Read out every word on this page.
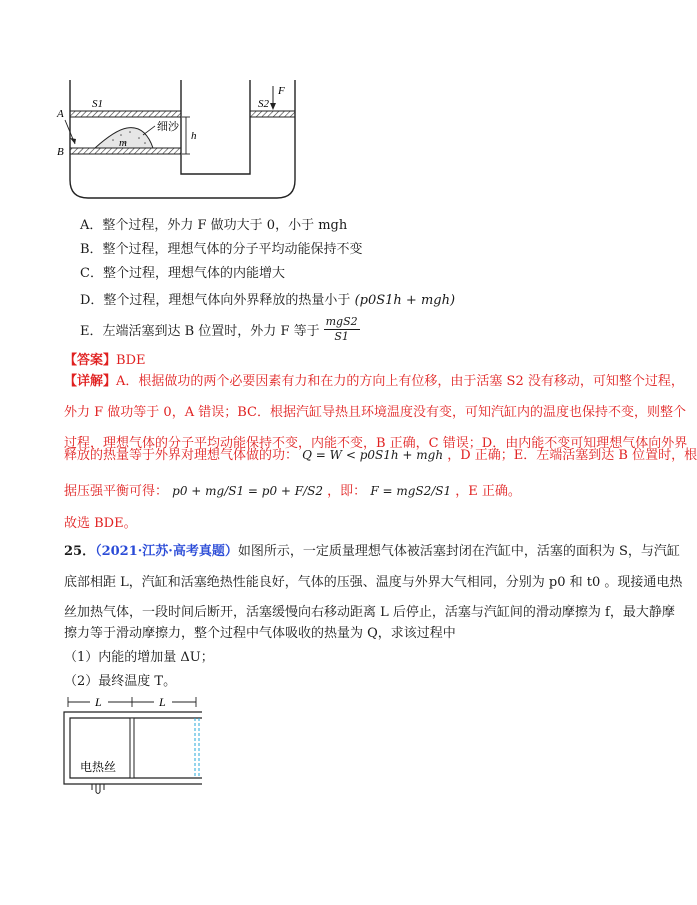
A
B
S1	S2
F
h
m
细沙
A．整个过程，外力 F 做功大于 0，小于 mgh
B．整个过程，理想气体的分子平均动能保持不变
C．整个过程，理想气体的内能增大
D．整个过程，理想气体向外界释放的热量小于 (p0S1h + mgh)
E．左端活塞到达 B 位置时，外力 F 等于
mgS2
S1
【答案】BDE
【详解】A．根据做功的两个必要因素有力和在力的方向上有位移，由于活塞 S2 没有移动，可知整个过程，
外力 F 做功等于 0，A 错误；BC．根据汽缸导热且环境温度没有变，可知汽缸内的温度也保持不变，则整个
过程，理想气体的分子平均动能保持不变，内能不变，B 正确，C 错误；D．由内能不变可知理想气体向外界
释放的热量等于外界对理想气体做的功： Q = W < p0S1h + mgh ，D 正确；E．左端活塞到达 B 位置时，根
据压强平衡可得： p0 + mg/S1 = p0 + F/S2 ，即： F = mgS2/S1 ，E 正确。
故选 BDE。
25．（2021·江苏·高考真题）如图所示，一定质量理想气体被活塞封闭在汽缸中，活塞的面积为 S，与汽缸
底部相距 L，汽缸和活塞绝热性能良好，气体的压强、温度与外界大气相同，分别为 p0 和 t0 。现接通电热
丝加热气体，一段时间后断开，活塞缓慢向右移动距离 L 后停止，活塞与汽缸间的滑动摩擦为 f，最大静摩
擦力等于滑动摩擦力，整个过程中气体吸收的热量为 Q，求该过程中
（1）内能的增加量 ΔU；
（2）最终温度 T。
L	L
电热丝
